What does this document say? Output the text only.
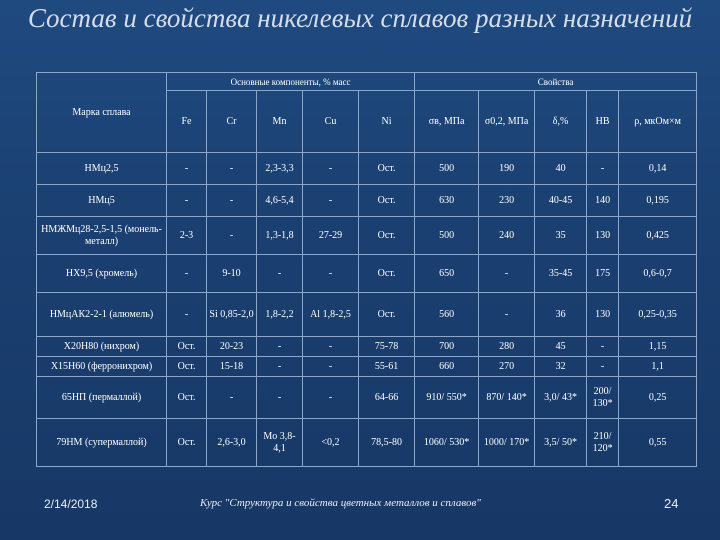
Состав и свойства никелевых сплавов разных назначений
Марка сплава	Основные компоненты, % масс					Свойства				
	Fe	Cr	Mn	Cu	Ni	σв, МПа	σ0,2, МПа	δ,%	HB	ρ, мкОм×м
НМц2,5	-	-	2,3-3,3	-	Ост.	500	190	40	-	0,14
НМц5	-	-	4,6-5,4	-	Ост.	630	230	40-45	140	0,195
НМЖМц28-2,5-1,5 (монель-металл)	2-3	-	1,3-1,8	27-29	Ост.	500	240	35	130	0,425
НХ9,5 (хромель)	-	9-10	-	-	Ост.	650	-	35-45	175	0,6-0,7
НМцАК2-2-1 (алюмель)	-	Si 0,85-2,0	1,8-2,2	Al 1,8-2,5	Ост.	560	-	36	130	0,25-0,35
Х20Н80 (нихром)	Ост.	20-23	-	-	75-78	700	280	45	-	1,15
Х15Н60 (ферронихром)	Ост.	15-18	-	-	55-61	660	270	32	-	1,1
65НП (пермаллой)	Ост.	-	-	-	64-66	910/ 550*	870/ 140*	3,0/ 43*	200/ 130*	0,25
79НМ (супермаллой)	Ост.	2,6-3,0	Mo 3,8-4,1	<0,2	78,5-80	1060/ 530*	1000/ 170*	3,5/ 50*	210/ 120*	0,55
2/14/2018	Курс "Структура и свойства цветных металлов и сплавов"	24
